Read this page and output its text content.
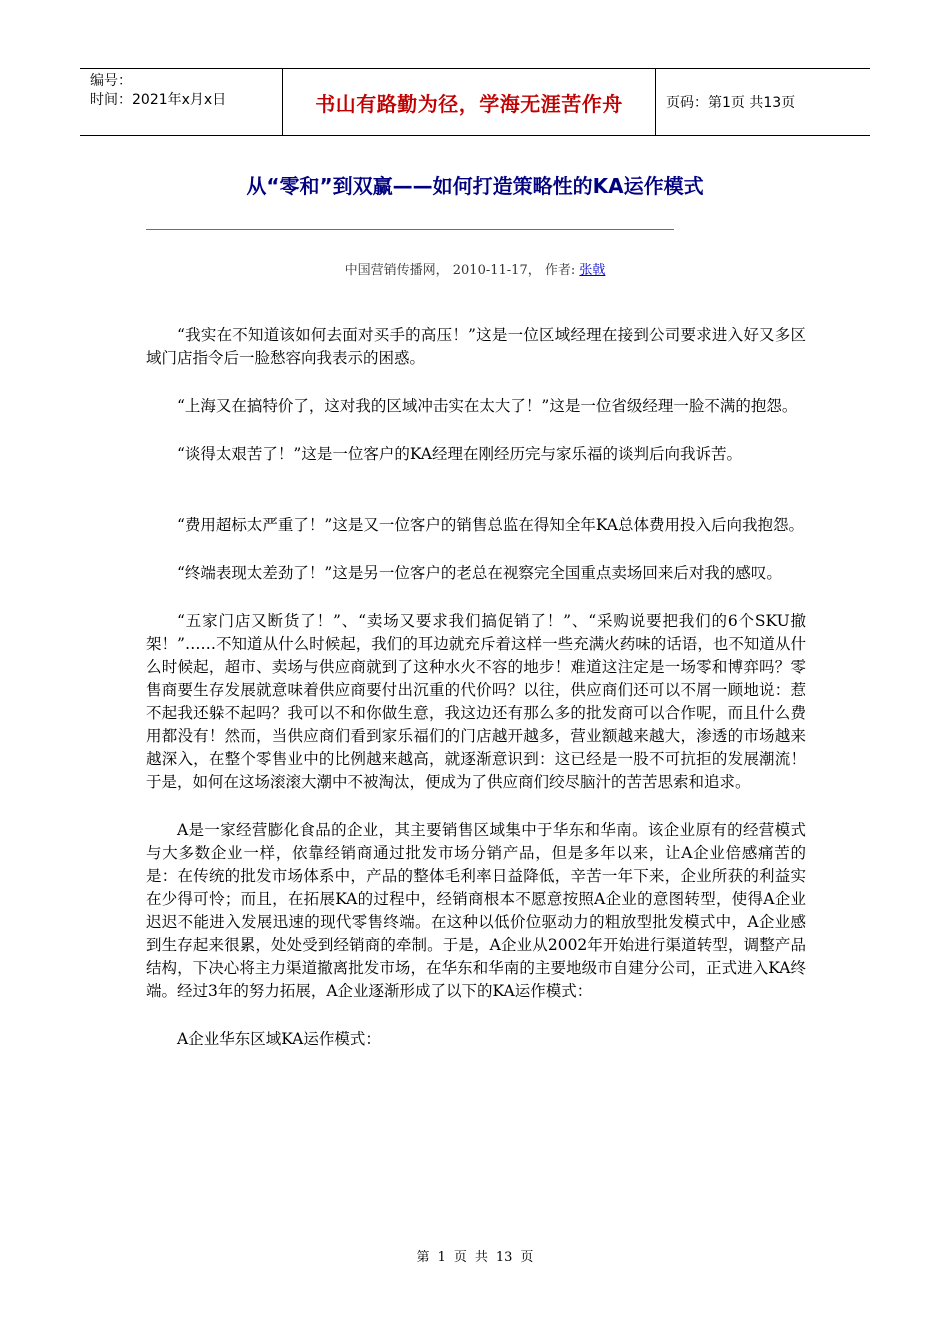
编号：
时间：2021年x月x日	书山有路勤为径，学海无涯苦作舟	页码：第1页 共13页
从“零和”到双赢——如何打造策略性的KA运作模式
中国营销传播网， 2010-11-17， 作者: 张戟

“我实在不知道该如何去面对买手的高压！”这是一位区域经理在接到公司要求进入好又多区域门店指令后一脸愁容向我表示的困惑。

“上海又在搞特价了，这对我的区域冲击实在太大了！”这是一位省级经理一脸不满的抱怨。

“谈得太艰苦了！”这是一位客户的KA经理在刚经历完与家乐福的谈判后向我诉苦。

“费用超标太严重了！”这是又一位客户的销售总监在得知全年KA总体费用投入后向我抱怨。

“终端表现太差劲了！”这是另一位客户的老总在视察完全国重点卖场回来后对我的感叹。

“五家门店又断货了！”、“卖场又要求我们搞促销了！”、“采购说要把我们的6个SKU撤架！”……不知道从什么时候起，我们的耳边就充斥着这样一些充满火药味的话语，也不知道从什么时候起，超市、卖场与供应商就到了这种水火不容的地步！难道这注定是一场零和博弈吗？零售商要生存发展就意味着供应商要付出沉重的代价吗？以往，供应商们还可以不屑一顾地说：惹不起我还躲不起吗？我可以不和你做生意，我这边还有那么多的批发商可以合作呢，而且什么费用都没有！然而，当供应商们看到家乐福们的门店越开越多，营业额越来越大，渗透的市场越来越深入，在整个零售业中的比例越来越高，就逐渐意识到：这已经是一股不可抗拒的发展潮流！于是，如何在这场滚滚大潮中不被淘汰，便成为了供应商们绞尽脑汁的苦苦思索和追求。

A是一家经营膨化食品的企业，其主要销售区域集中于华东和华南。该企业原有的经营模式与大多数企业一样，依靠经销商通过批发市场分销产品，但是多年以来，让A企业倍感痛苦的是：在传统的批发市场体系中，产品的整体毛利率日益降低，辛苦一年下来，企业所获的利益实在少得可怜；而且，在拓展KA的过程中，经销商根本不愿意按照A企业的意图转型，使得A企业迟迟不能进入发展迅速的现代零售终端。在这种以低价位驱动力的粗放型批发模式中，A企业感到生存起来很累，处处受到经销商的牵制。于是，A企业从2002年开始进行渠道转型，调整产品结构，下决心将主力渠道撤离批发市场，在华东和华南的主要地级市自建分公司，正式进入KA终端。经过3年的努力拓展，A企业逐渐形成了以下的KA运作模式：

A企业华东区域KA运作模式：

第 1 页 共 13 页
